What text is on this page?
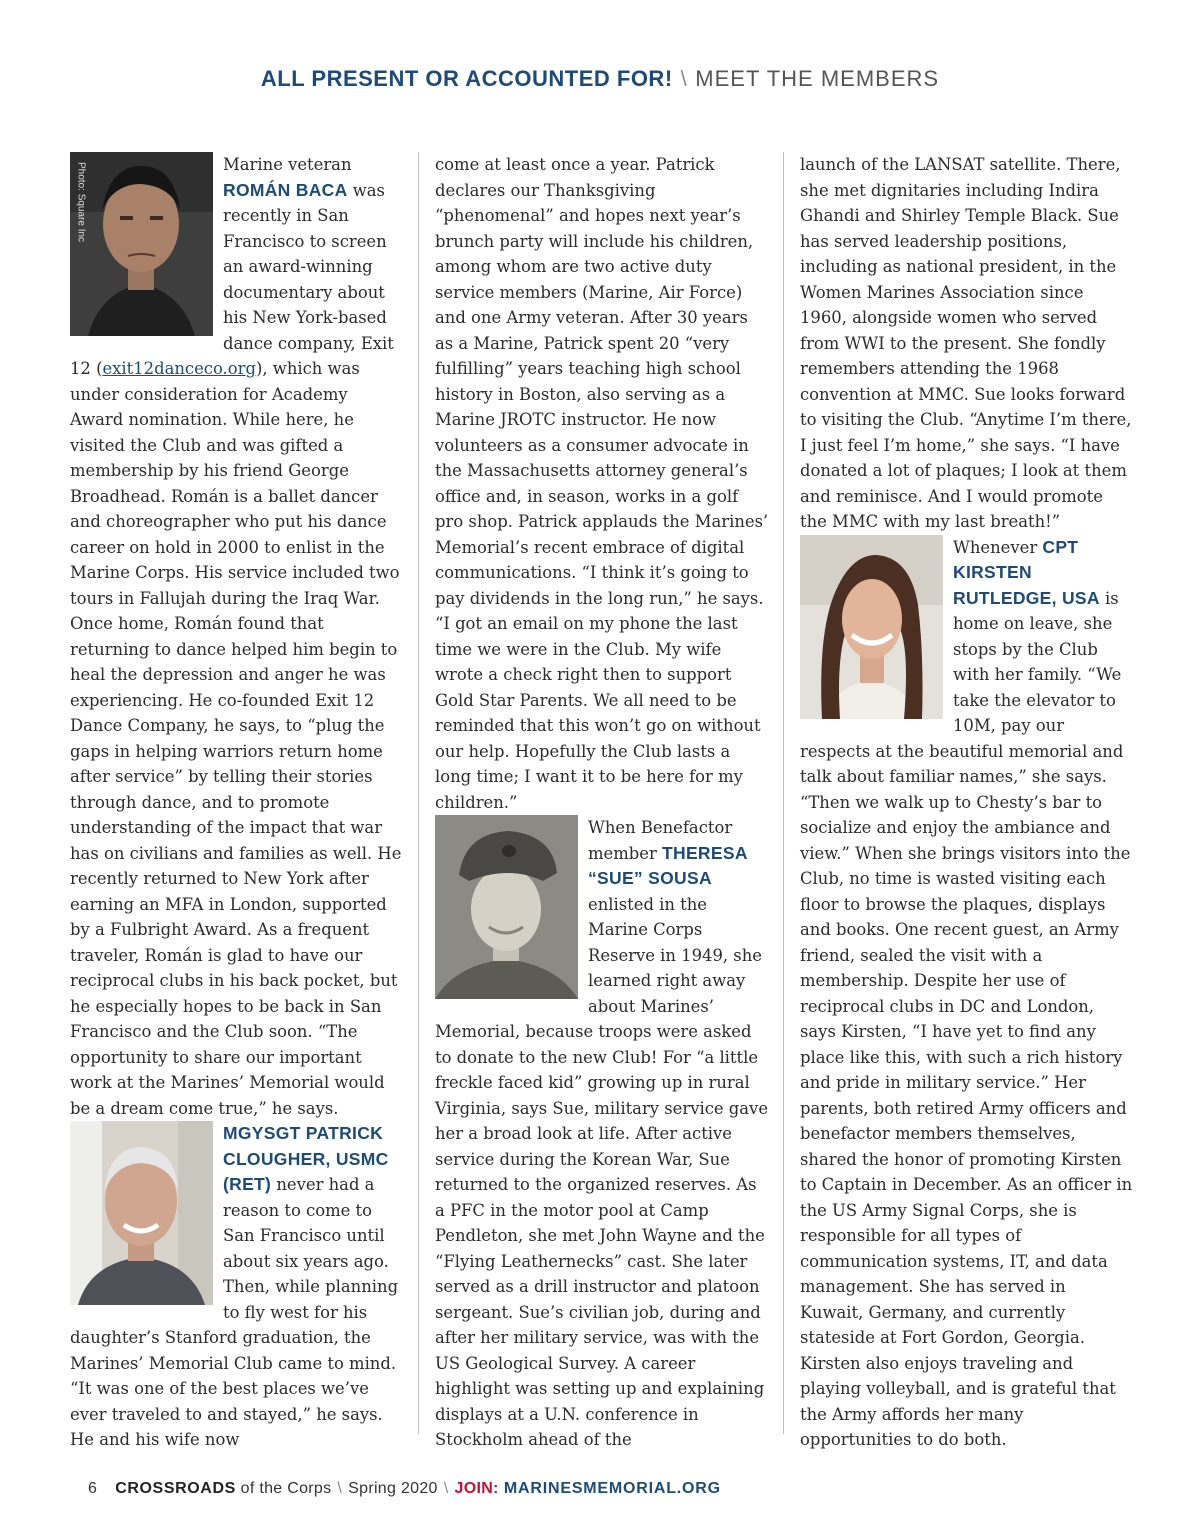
ALL PRESENT OR ACCOUNTED FOR! \ MEET THE MEMBERS

Photo: Square Inc	Marine veteran ROMÁN BACA was recently in San Francisco to screen an award-winning documentary about his New York-based dance company, Exit 12 (exit12danceco.org), which was under consideration for Academy Award nomination. While here, he visited the Club and was gifted a membership by his friend George Broadhead. Román is a ballet dancer and choreographer who put his dance career on hold in 2000 to enlist in the Marine Corps. His service included two tours in Fallujah during the Iraq War. Once home, Román found that returning to dance helped him begin to heal the depression and anger he was experiencing. He co-founded Exit 12 Dance Company, he says, to “plug the gaps in helping warriors return home after service” by telling their stories through dance, and to promote understanding of the impact that war has on civilians and families as well. He recently returned to New York after earning an MFA in London, supported by a Fulbright Award. As a frequent traveler, Román is glad to have our reciprocal clubs in his back pocket, but he especially hopes to be back in San Francisco and the Club soon. “The opportunity to share our important work at the Marines’ Memorial would be a dream come true,” he says.

MGYSGT PATRICK CLOUGHER, USMC (RET) never had a reason to come to San Francisco until about six years ago. Then, while planning to fly west for his daughter’s Stanford graduation, the Marines’ Memorial Club came to mind. “It was one of the best places we’ve ever traveled to and stayed,” he says. He and his wife now

come at least once a year. Patrick declares our Thanksgiving “phenomenal” and hopes next year’s brunch party will include his children, among whom are two active duty service members (Marine, Air Force) and one Army veteran. After 30 years as a Marine, Patrick spent 20 “very fulfilling” years teaching high school history in Boston, also serving as a Marine JROTC instructor. He now volunteers as a consumer advocate in the Massachusetts attorney general’s office and, in season, works in a golf pro shop. Patrick applauds the Marines’ Memorial’s recent embrace of digital communications. “I think it’s going to pay dividends in the long run,” he says. “I got an email on my phone the last time we were in the Club. My wife wrote a check right then to support Gold Star Parents. We all need to be reminded that this won’t go on without our help. Hopefully the Club lasts a long time; I want it to be here for my children.”

When Benefactor member THERESA “SUE” SOUSA enlisted in the Marine Corps Reserve in 1949, she learned right away about Marines’ Memorial, because troops were asked to donate to the new Club! For “a little freckle faced kid” growing up in rural Virginia, says Sue, military service gave her a broad look at life. After active service during the Korean War, Sue returned to the organized reserves. As a PFC in the motor pool at Camp Pendleton, she met John Wayne and the “Flying Leathernecks” cast. She later served as a drill instructor and platoon sergeant. Sue’s civilian job, during and after her military service, was with the US Geological Survey. A career highlight was setting up and explaining displays at a U.N. conference in Stockholm ahead of the

launch of the LANSAT satellite. There, she met dignitaries including Indira Ghandi and Shirley Temple Black. Sue has served leadership positions, including as national president, in the Women Marines Association since 1960, alongside women who served from WWI to the present. She fondly remembers attending the 1968 convention at MMC. Sue looks forward to visiting the Club. “Anytime I’m there, I just feel I’m home,” she says. “I have donated a lot of plaques; I look at them and reminisce. And I would promote the MMC with my last breath!”

Whenever CPT KIRSTEN RUTLEDGE, USA is home on leave, she stops by the Club with her family. “We take the elevator to 10M, pay our respects at the beautiful memorial and talk about familiar names,” she says. “Then we walk up to Chesty’s bar to socialize and enjoy the ambiance and view.” When she brings visitors into the Club, no time is wasted visiting each floor to browse the plaques, displays and books. One recent guest, an Army friend, sealed the visit with a membership. Despite her use of reciprocal clubs in DC and London, says Kirsten, “I have yet to find any place like this, with such a rich history and pride in military service.” Her parents, both retired Army officers and benefactor members themselves, shared the honor of promoting Kirsten to Captain in December. As an officer in the US Army Signal Corps, she is responsible for all types of communication systems, IT, and data management. She has served in Kuwait, Germany, and currently stateside at Fort Gordon, Georgia. Kirsten also enjoys traveling and playing volleyball, and is grateful that the Army affords her many opportunities to do both.

6 CROSSROADS of the Corps \ Spring 2020 \ JOIN: MARINESMEMORIAL.ORG
